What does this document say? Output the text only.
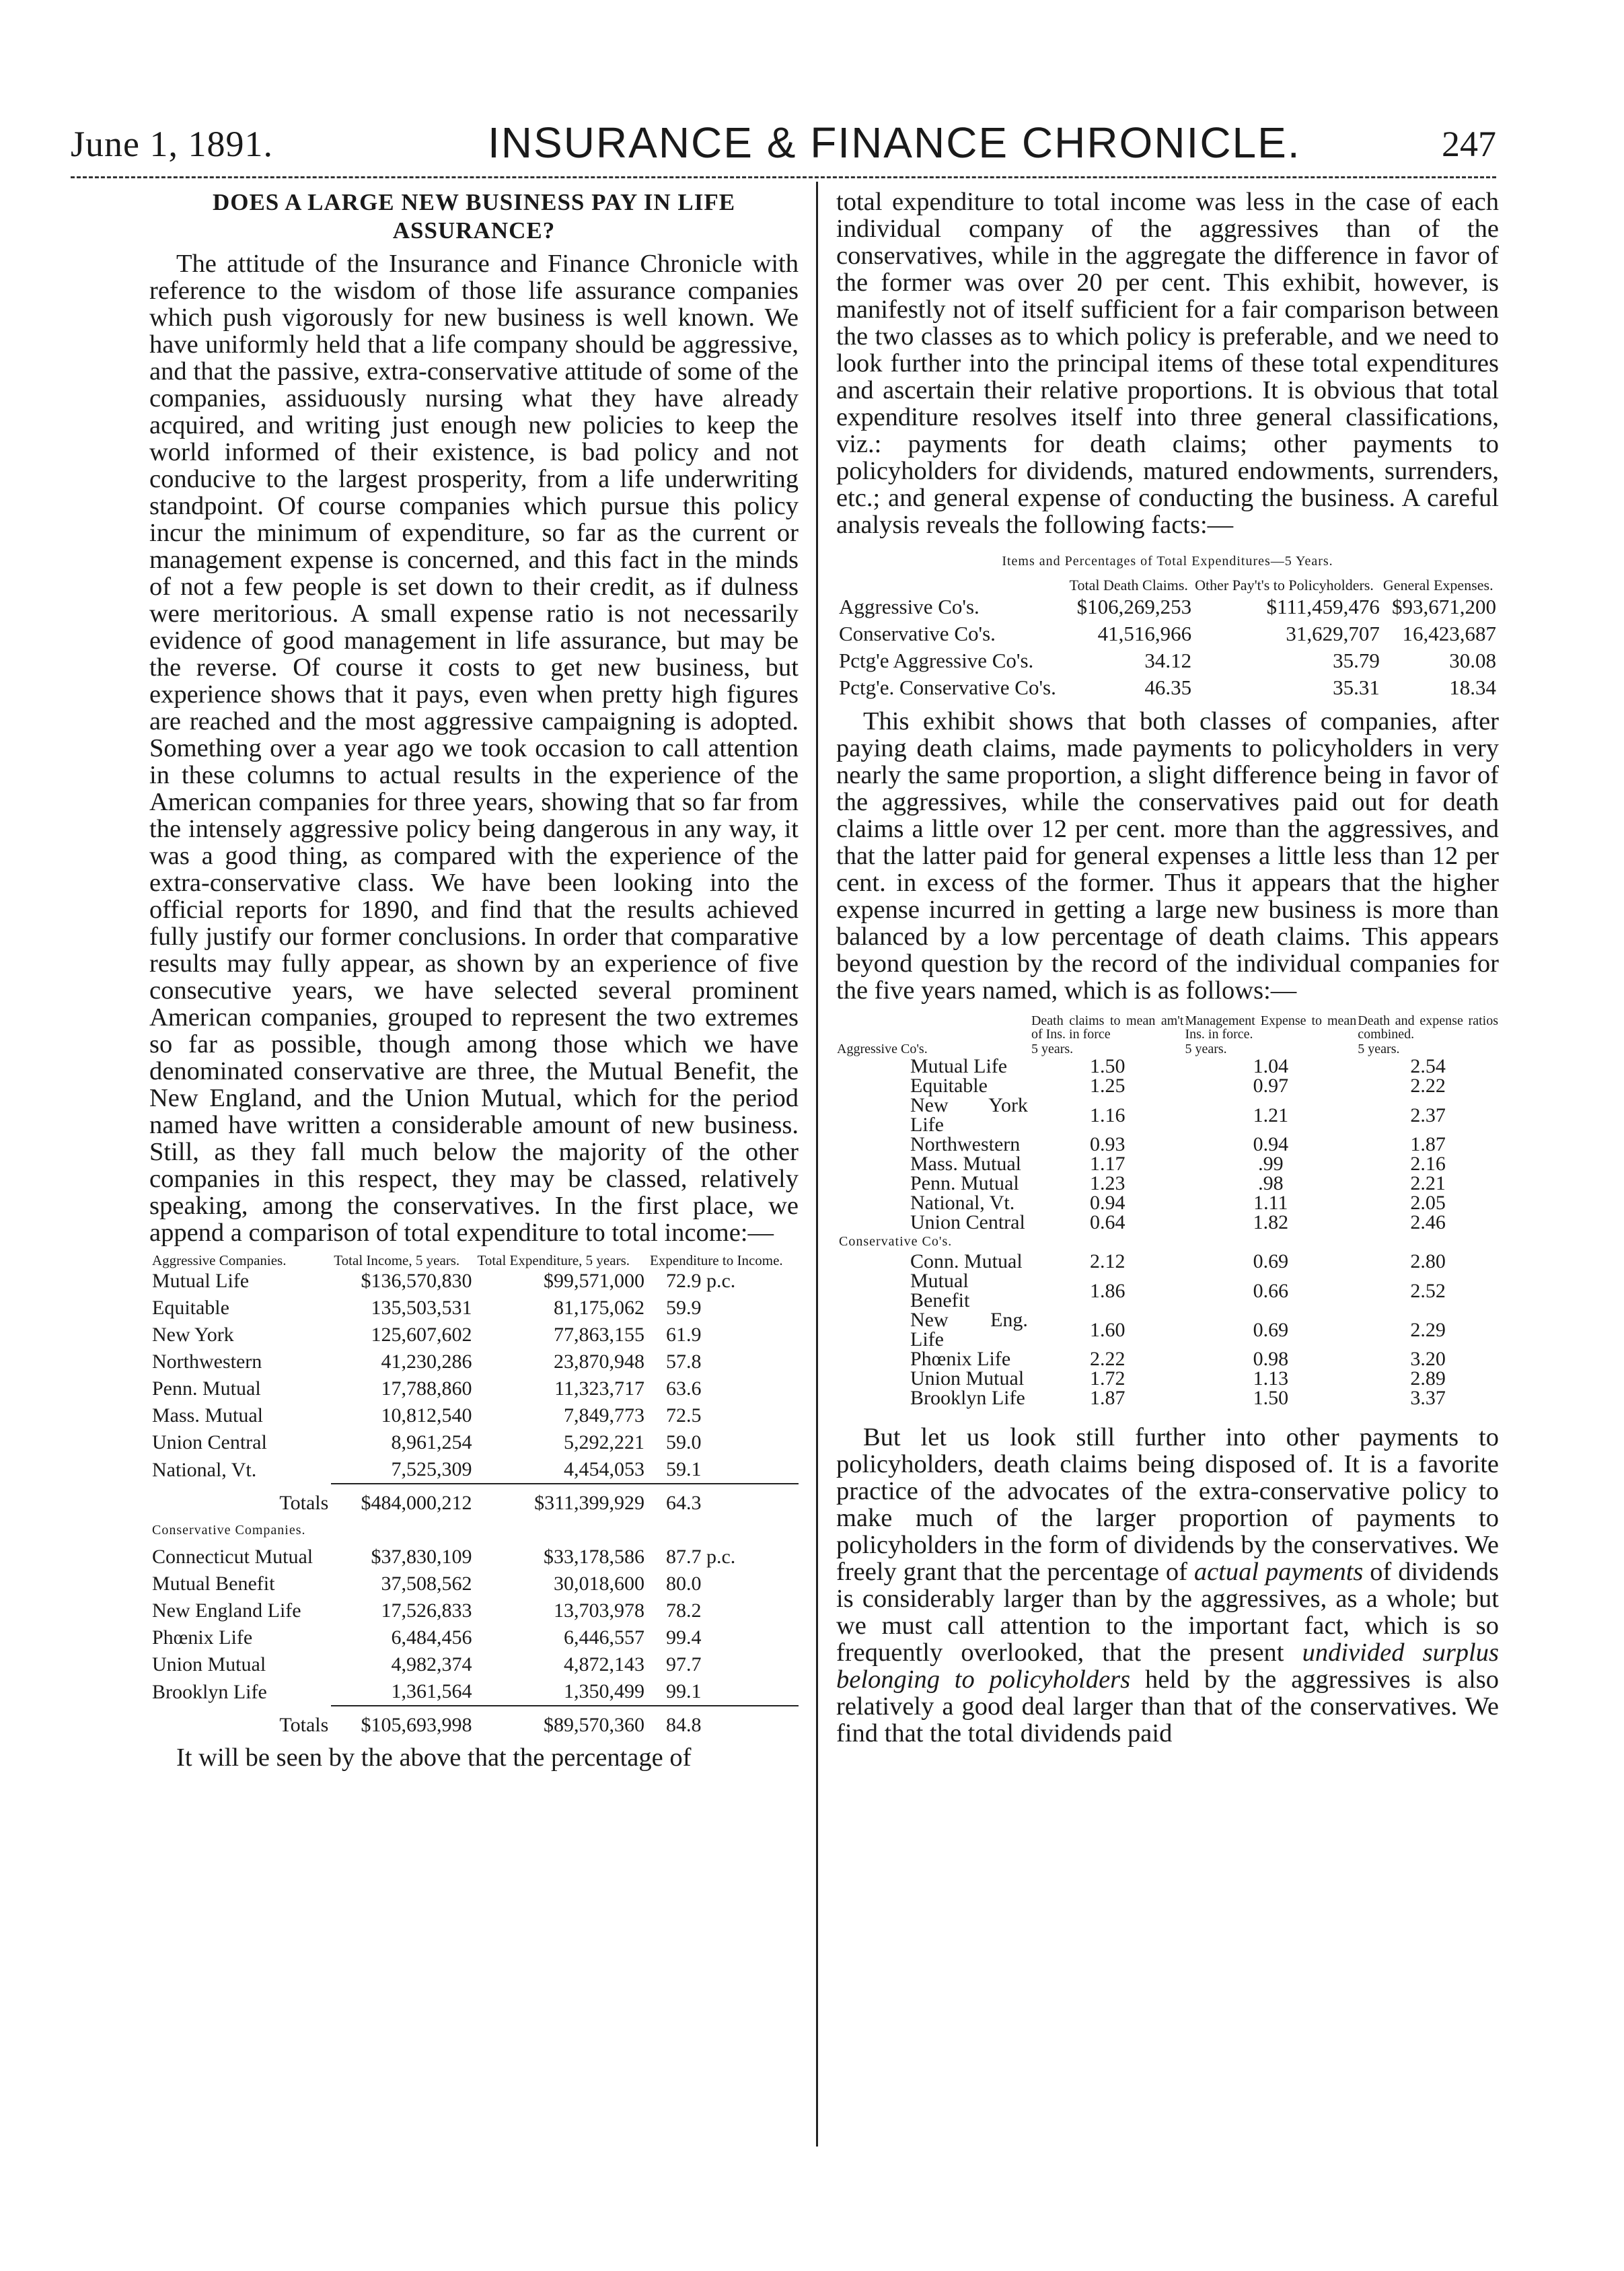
June 1, 1891.	INSURANCE & FINANCE CHRONICLE.	247
DOES A LARGE NEW BUSINESS PAY IN LIFE ASSURANCE?

The attitude of the Insurance and Finance Chronicle with reference to the wisdom of those life assurance companies which push vigorously for new business is well known. We have uniformly held that a life company should be aggressive, and that the passive, extra-conservative attitude of some of the companies, assiduously nursing what they have already acquired, and writing just enough new policies to keep the world informed of their existence, is bad policy and not conducive to the largest prosperity, from a life underwriting standpoint. Of course companies which pursue this policy incur the minimum of expenditure, so far as the current or management expense is concerned, and this fact in the minds of not a few people is set down to their credit, as if dulness were meritorious. A small expense ratio is not necessarily evidence of good management in life assurance, but may be the reverse. Of course it costs to get new business, but experience shows that it pays, even when pretty high figures are reached and the most aggressive campaigning is adopted. Something over a year ago we took occasion to call attention in these columns to actual results in the experience of the American companies for three years, showing that so far from the intensely aggressive policy being dangerous in any way, it was a good thing, as compared with the experience of the extra-conservative class. We have been looking into the official reports for 1890, and find that the results achieved fully justify our former conclusions. In order that comparative results may fully appear, as shown by an experience of five consecutive years, we have selected several prominent American companies, grouped to represent the two extremes so far as possible, though among those which we have denominated conservative are three, the Mutual Benefit, the New England, and the Union Mutual, which for the period named have written a considerable amount of new business. Still, as they fall much below the majority of the other companies in this respect, they may be classed, relatively speaking, among the conservatives. In the first place, we append a comparison of total expenditure to total income:—

Aggressive Companies.	Total Income, 5 years.	Total Expenditure, 5 years.	Expenditure to Income.
Mutual Life	$136,570,830	$99,571,000	72.9 p.c.
Equitable	135,503,531	81,175,062	59.9
New York	125,607,602	77,863,155	61.9
Northwestern	41,230,286	23,870,948	57.8
Penn. Mutual	17,788,860	11,323,717	63.6
Mass. Mutual	10,812,540	7,849,773	72.5
Union Central	8,961,254	5,292,221	59.0
National, Vt.	7,525,309	4,454,053	59.1
Totals	$484,000,212	$311,399,929	64.3
Conservative Companies.			
Connecticut Mutual	$37,830,109	$33,178,586	87.7 p.c.
Mutual Benefit	37,508,562	30,018,600	80.0
New England Life	17,526,833	13,703,978	78.2
Phœnix Life	6,484,456	6,446,557	99.4
Union Mutual	4,982,374	4,872,143	97.7
Brooklyn Life	1,361,564	1,350,499	99.1
Totals	$105,693,998	$89,570,360	84.8

It will be seen by the above that the percentage of

total expenditure to total income was less in the case of each individual company of the aggressives than of the conservatives, while in the aggregate the difference in favor of the former was over 20 per cent. This exhibit, however, is manifestly not of itself sufficient for a fair comparison between the two classes as to which policy is preferable, and we need to look further into the principal items of these total expenditures and ascertain their relative proportions. It is obvious that total expenditure resolves itself into three general classifications, viz.: payments for death claims; other payments to policyholders for dividends, matured endowments, surrenders, etc.; and general expense of conducting the business. A careful analysis reveals the following facts:—

Items and Percentages of Total Expenditures—5 Years.
	Total Death Claims.	Other Pay't's to Policyholders.	General Expenses.
Aggressive Co's.	$106,269,253	$111,459,476	$93,671,200
Conservative Co's.	41,516,966	31,629,707	16,423,687
Pctg'e Aggressive Co's.	34.12	35.79	30.08
Pctg'e. Conservative Co's.	46.35	35.31	18.34

This exhibit shows that both classes of companies, after paying death claims, made payments to policyholders in very nearly the same proportion, a slight difference being in favor of the aggressives, while the conservatives paid out for death claims a little over 12 per cent. more than the aggressives, and that the latter paid for general expenses a little less than 12 per cent. in excess of the former. Thus it appears that the higher expense incurred in getting a large new business is more than balanced by a low percentage of death claims. This appears beyond question by the record of the individual companies for the five years named, which is as follows:—

	Death claims to mean am't of Ins. in force	Management Expense to mean Ins. in force.	Death and expense ratios combined.
Aggressive Co's.	5 years.	5 years.	5 years.
Mutual Life	1.50	1.04	2.54
Equitable	1.25	0.97	2.22
New York Life	1.16	1.21	2.37
Northwestern	0.93	0.94	1.87
Mass. Mutual	1.17	.99	2.16
Penn. Mutual	1.23	.98	2.21
National, Vt.	0.94	1.11	2.05
Union Central	0.64	1.82	2.46
Conservative Co's.			
Conn. Mutual	2.12	0.69	2.80
Mutual Benefit	1.86	0.66	2.52
New Eng. Life	1.60	0.69	2.29
Phœnix Life	2.22	0.98	3.20
Union Mutual	1.72	1.13	2.89
Brooklyn Life	1.87	1.50	3.37

But let us look still further into other payments to policyholders, death claims being disposed of. It is a favorite practice of the advocates of the extra-conservative policy to make much of the larger proportion of payments to policyholders in the form of dividends by the conservatives. We freely grant that the percentage of actual payments of dividends is considerably larger than by the aggressives, as a whole; but we must call attention to the important fact, which is so frequently overlooked, that the present undivided surplus belonging to policyholders held by the aggressives is also relatively a good deal larger than that of the conservatives. We find that the total dividends paid
